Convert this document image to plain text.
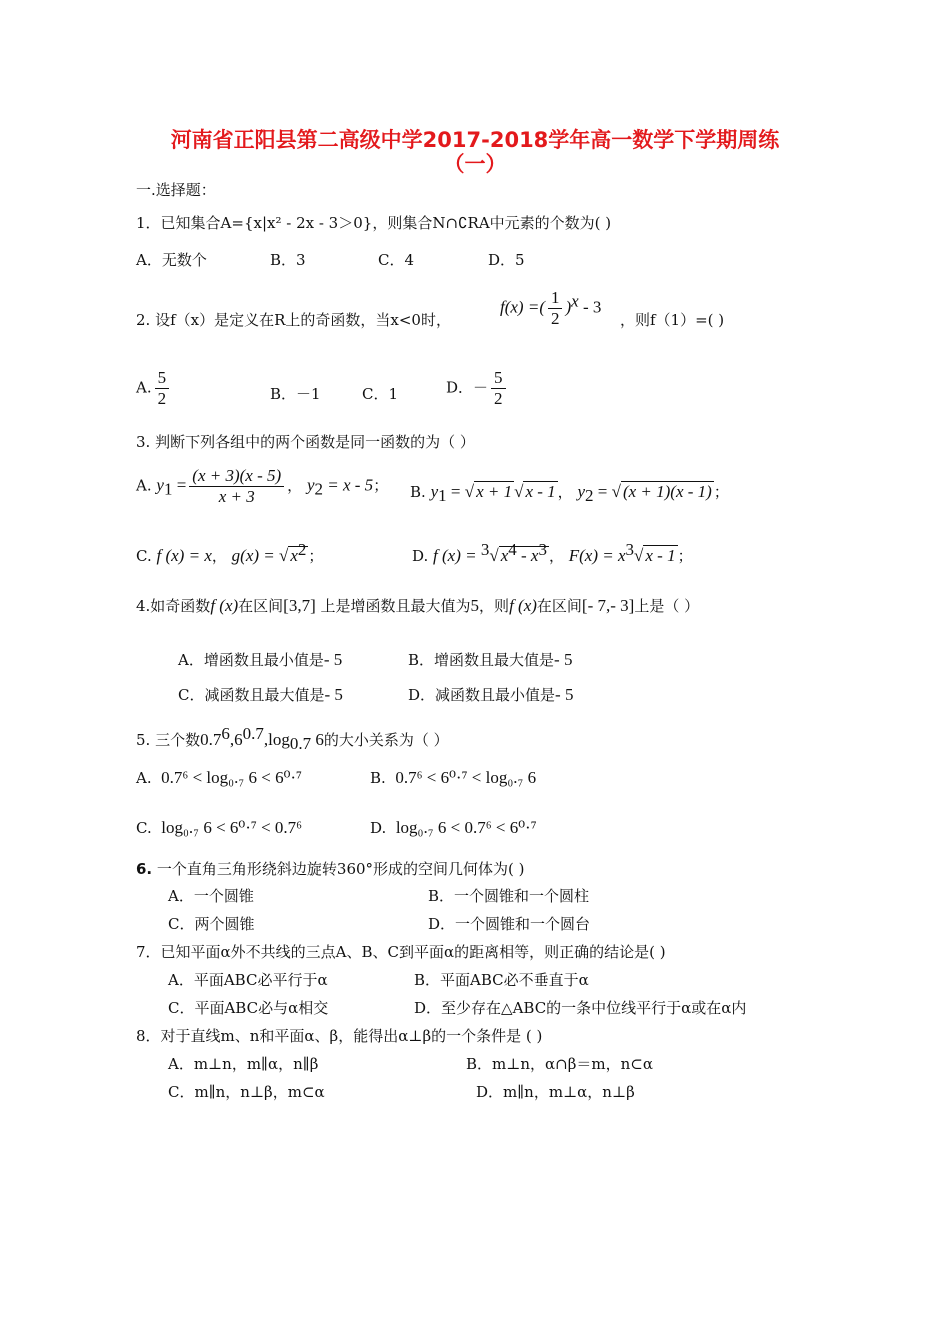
河南省正阳县第二高级中学2017-2018学年高一数学下学期周练
（一）
一.选择题：
1．已知集合A={x|x² - 2x - 3＞0}，则集合N∩∁RA中元素的个数为( )
A．无数个	B．3	C．4	D．5
2. 设f（x）是定义在R上的奇函数，当x<0时，
f(x) =( $\frac{1}{2} )^x - 3$
，则f（1）=( )
A. $\frac{5}{2}$	B．－1	C．1	D．－ $\frac{5}{2}$
3. 判断下列各组中的两个函数是同一函数的为（ ）
A. $y_1 = \frac{(x + 3)(x - 5)}{x + 3}$ ， $y_2 = x - 5$； B. $y_1$ = √ x + 1 √ x - 1 ， $y_2$ = √ (x + 1)(x - 1) ；
C. f (x) = x， g(x) = √ $x^2$ ；	D. f (x) = $^3$√ $x^4 - x^3$ ， $F(x) = x^3√$ x - 1 ；
4.如奇函数f (x)在区间[3,7] 上是增函数且最大值为5，则f (x)在区间[- 7,- 3]上是（ ）
A．增函数且最小值是- 5	B．增函数且最大值是- 5
C．减函数且最大值是- 5	D．减函数且最小值是- 5
5. 三个数$0.7^6,6^{0.7},\log_{0.7}$ 6的大小关系为（ ）
A. 0.7⁶ < log₀.₇ 6 < 6⁰·⁷	B. 0.7⁶ < 6⁰·⁷ < log₀.₇ 6
C. log₀.₇ 6 < 6⁰·⁷ < 0.7⁶	D. log₀.₇ 6 < 0.7⁶ < 6⁰·⁷
6. 一个直角三角形绕斜边旋转360°形成的空间几何体为( )
A．一个圆锥	B．一个圆锥和一个圆柱
C．两个圆锥	D．一个圆锥和一个圆台
7．已知平面α外不共线的三点A、B、C到平面α的距离相等，则正确的结论是( )
A．平面ABC必平行于α	B．平面ABC必不垂直于α
C．平面ABC必与α相交	D．至少存在△ABC的一条中位线平行于α或在α内
8．对于直线m、n和平面α、β，能得出α⊥β的一个条件是 ( )
A．m⊥n，m∥α，n∥β	B．m⊥n，α∩β＝m，n⊂α
C．m∥n，n⊥β，m⊂α	D．m∥n，m⊥α，n⊥β
